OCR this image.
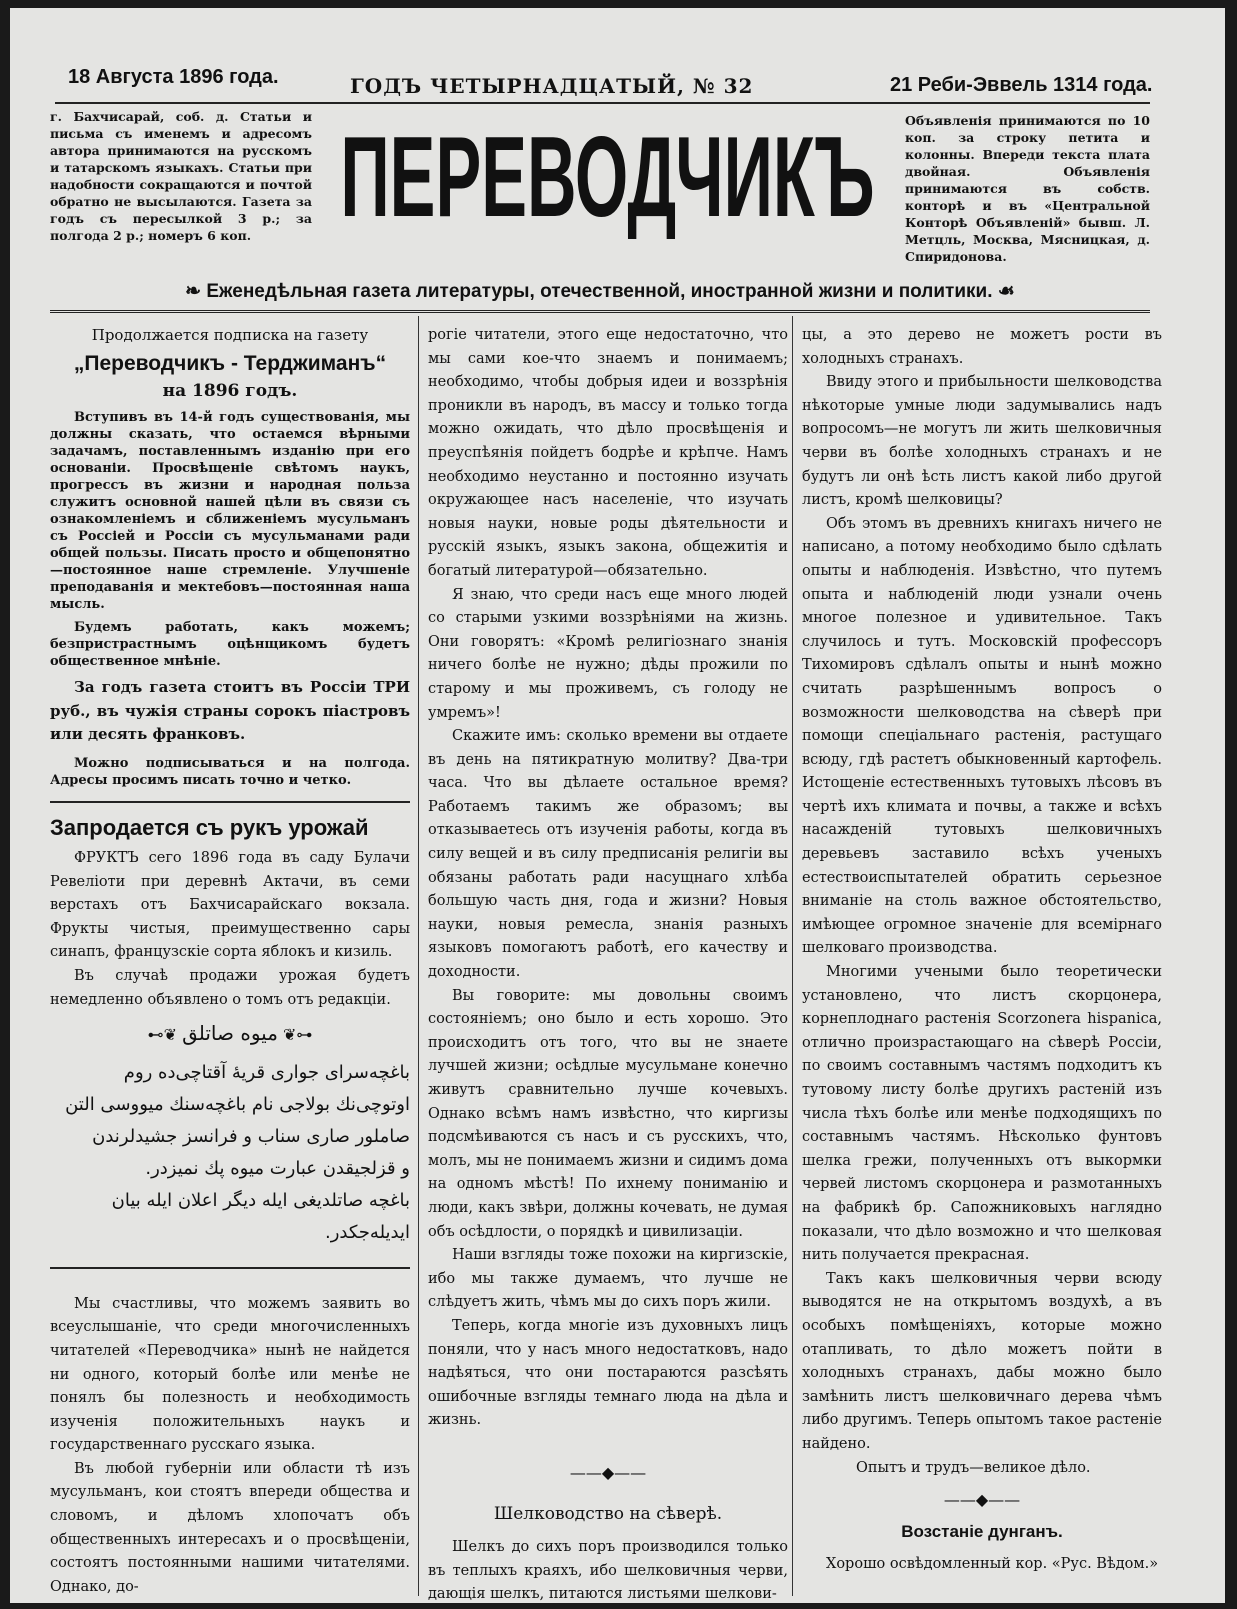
18 Августа 1896 года.	ГОДЪ ЧЕТЫРНАДЦАТЫЙ, № 32	21 Реби-Эввель 1314 года.
г. Бахчисарай, соб. д. Статьи и письма съ именемъ и адресомъ автора принимаются на русскомъ и татарскомъ языкахъ. Статьи при надобности сокращаются и почтой обратно не высылаются. Газета за годъ съ пересылкой 3 р.; за полгода 2 р.; номеръ 6 коп.	ПЕРЕВОДЧИКЪ Объявленія принимаются по 10 коп. за строку петита и колонны. Впереди текста плата двойная. Объявленія принимаются въ собств. конторѣ и въ «Центральной Конторѣ Объявленій» бывш. Л. Метцль, Москва, Мясницкая, д. Спиридонова.
❧ Еженедѣльная газета литературы, отечественной, иностранной жизни и политики. ☙

Продолжается подписка на газету

„Переводчикъ - Терджиманъ“

на 1896 годъ.

Вступивъ въ 14-й годъ существованія, мы должны сказать, что остаемся вѣрными задачамъ, поставленнымъ изданію при его основаніи. Просвѣщеніе свѣтомъ наукъ, прогрессъ въ жизни и народная польза служитъ основной нашей цѣли въ связи съ ознакомленіемъ и сближеніемъ мусульманъ съ Россіей и Россіи съ мусульманами ради общей пользы. Писать просто и общепонятно—постоянное наше стремленіе. Улучшеніе преподаванія и мектебовъ—постоянная наша мысль.

Будемъ работать, какъ можемъ; безпристрастнымъ оцѣнщикомъ будетъ общественное мнѣніе.

За годъ газета стоитъ въ Россіи ТРИ руб., въ чужія страны сорокъ піастровъ или десять франковъ.

Можно подписываться и на полгода. Адресы просимъ писать точно и четко.

Запродается съ рукъ урожай

ФРУКТЪ сего 1896 года въ саду Булачи Ревеліоти при деревнѣ Актачи, въ семи верстахъ отъ Бахчисарайскаго вокзала. Фрукты чистыя, преимущественно сары синапъ, французскіе сорта яблокъ и кизиль.

Въ случаѣ продажи урожая будетъ немедленно объявлено о томъ отъ редакціи.

⊷❦ میوه صاتلق ❦⊶
باغچه‌سرای جواری قریهٔ آقتاچی‌ده روم
اوتوچی‌نك بولاجی نام باغچه‌سنك میووسی التن
صاملور صاری سناب و فرانسز جشیدلرندن
و قزلجیقدن عبارت میوه پك نمیزدر.
باغچه صاتلدیغی ایله دیگر اعلان ایله بیان
ایدیله‌جکدر.

Мы счастливы, что можемъ заявить во всеуслышаніе, что среди многочисленныхъ читателей «Переводчика» нынѣ не найдется ни одного, который болѣе или менѣе не понялъ бы полезность и необходимость изученія положительныхъ наукъ и государственнаго русскаго языка.

Въ любой губерніи или области тѣ изъ мусульманъ, кои стоятъ впереди общества и словомъ, и дѣломъ хлопочатъ объ общественныхъ интересахъ и о просвѣщеніи, состоятъ постоянными нашими читателями. Однако, до-

рогіе читатели, этого еще недостаточно, что мы сами кое-что знаемъ и понимаемъ; необходимо, чтобы добрыя идеи и воззрѣнія проникли въ народъ, въ массу и только тогда можно ожидать, что дѣло просвѣщенія и преуспѣянія пойдетъ бодрѣе и крѣпче. Намъ необходимо неустанно и постоянно изучать окружающее насъ населеніе, что изучать новыя науки, новые роды дѣятельности и русскій языкъ, языкъ закона, общежитія и богатый литературой—обязательно.

Я знаю, что среди насъ еще много людей со старыми узкими воззрѣніями на жизнь. Они говорятъ: «Кромѣ религіознаго знанія ничего болѣе не нужно; дѣды прожили по старому и мы проживемъ, съ голоду не умремъ»!

Скажите имъ: сколько времени вы отдаете въ день на пятикратную молитву? Два-три часа. Что вы дѣлаете остальное время? Работаемъ такимъ же образомъ; вы отказываетесь отъ изученія работы, когда въ силу вещей и въ силу предписанія религіи вы обязаны работать ради насущнаго хлѣба большую часть дня, года и жизни? Новыя науки, новыя ремесла, знанія разныхъ языковъ помогаютъ работѣ, его качеству и доходности.

Вы говорите: мы довольны своимъ состояніемъ; оно было и есть хорошо. Это происходитъ отъ того, что вы не знаете лучшей жизни; осѣдлые мусульмане конечно живутъ сравнительно лучше кочевыхъ. Однако всѣмъ намъ извѣстно, что киргизы подсмѣиваются съ насъ и съ русскихъ, что, молъ, мы не понимаемъ жизни и сидимъ дома на одномъ мѣстѣ! По ихнему пониманію и люди, какъ звѣри, должны кочевать, не думая объ осѣдлости, о порядкѣ и цивилизаціи.

Наши взгляды тоже похожи на киргизскіе, ибо мы также думаемъ, что лучше не слѣдуетъ жить, чѣмъ мы до сихъ поръ жили.

Теперь, когда многіе изъ духовныхъ лицъ поняли, что у насъ много недостатковъ, надо надѣяться, что они постараются разсѣять ошибочные взгляды темнаго люда на дѣла и жизнь.

——◆——
Шелководство на сѣверѣ.

Шелкъ до сихъ поръ производился только въ теплыхъ краяхъ, ибо шелковичныя черви, дающія шелкъ, питаются листьями шелкови-

цы, а это дерево не можетъ рости въ холодныхъ странахъ.

Ввиду этого и прибыльности шелководства нѣкоторые умные люди задумывались надъ вопросомъ—не могутъ ли жить шелковичныя черви въ болѣе холодныхъ странахъ и не будутъ ли онѣ ѣсть листъ какой либо другой листъ, кромѣ шелковицы?

Объ этомъ въ древнихъ книгахъ ничего не написано, а потому необходимо было сдѣлать опыты и наблюденія. Извѣстно, что путемъ опыта и наблюденій люди узнали очень многое полезное и удивительное. Такъ случилось и тутъ. Московскій профессоръ Тихомировъ сдѣлалъ опыты и нынѣ можно считать разрѣшеннымъ вопросъ о возможности шелководства на сѣверѣ при помощи спеціальнаго растенія, растущаго всюду, гдѣ растетъ обыкновенный картофель. Истощеніе естественныхъ тутовыхъ лѣсовъ въ чертѣ ихъ климата и почвы, а также и всѣхъ насажденій тутовыхъ шелковичныхъ деревьевъ заставило всѣхъ ученыхъ естествоиспытателей обратить серьезное вниманіе на столь важное обстоятельство, имѣющее огромное значеніе для всемірнаго шелковаго производства.

Многими учеными было теоретически установлено, что листъ скорцонера, корнеплоднаго растенія Scorzonera hispanica, отлично произрастающаго на сѣверѣ Россіи, по своимъ составнымъ частямъ подходитъ къ тутовому листу болѣе другихъ растеній изъ числа тѣхъ болѣе или менѣе подходящихъ по составнымъ частямъ. Нѣсколько фунтовъ шелка грежи, полученныхъ отъ выкормки червей листомъ скорцонера и размотанныхъ на фабрикѣ бр. Сапожниковыхъ наглядно показали, что дѣло возможно и что шелковая нить получается прекрасная.

Такъ какъ шелковичныя черви всюду выводятся не на открытомъ воздухѣ, а въ особыхъ помѣщеніяхъ, которые можно отапливать, то дѣло можетъ пойти в холодныхъ странахъ, дабы можно было замѣнить листъ шелковичнаго дерева чѣмъ либо другимъ. Теперь опытомъ такое растеніе найдено.

Опытъ и трудъ—великое дѣло.

——◆——
Возстаніе дунганъ.

Хорошо освѣдомленный кор. «Рус. Вѣдом.»
